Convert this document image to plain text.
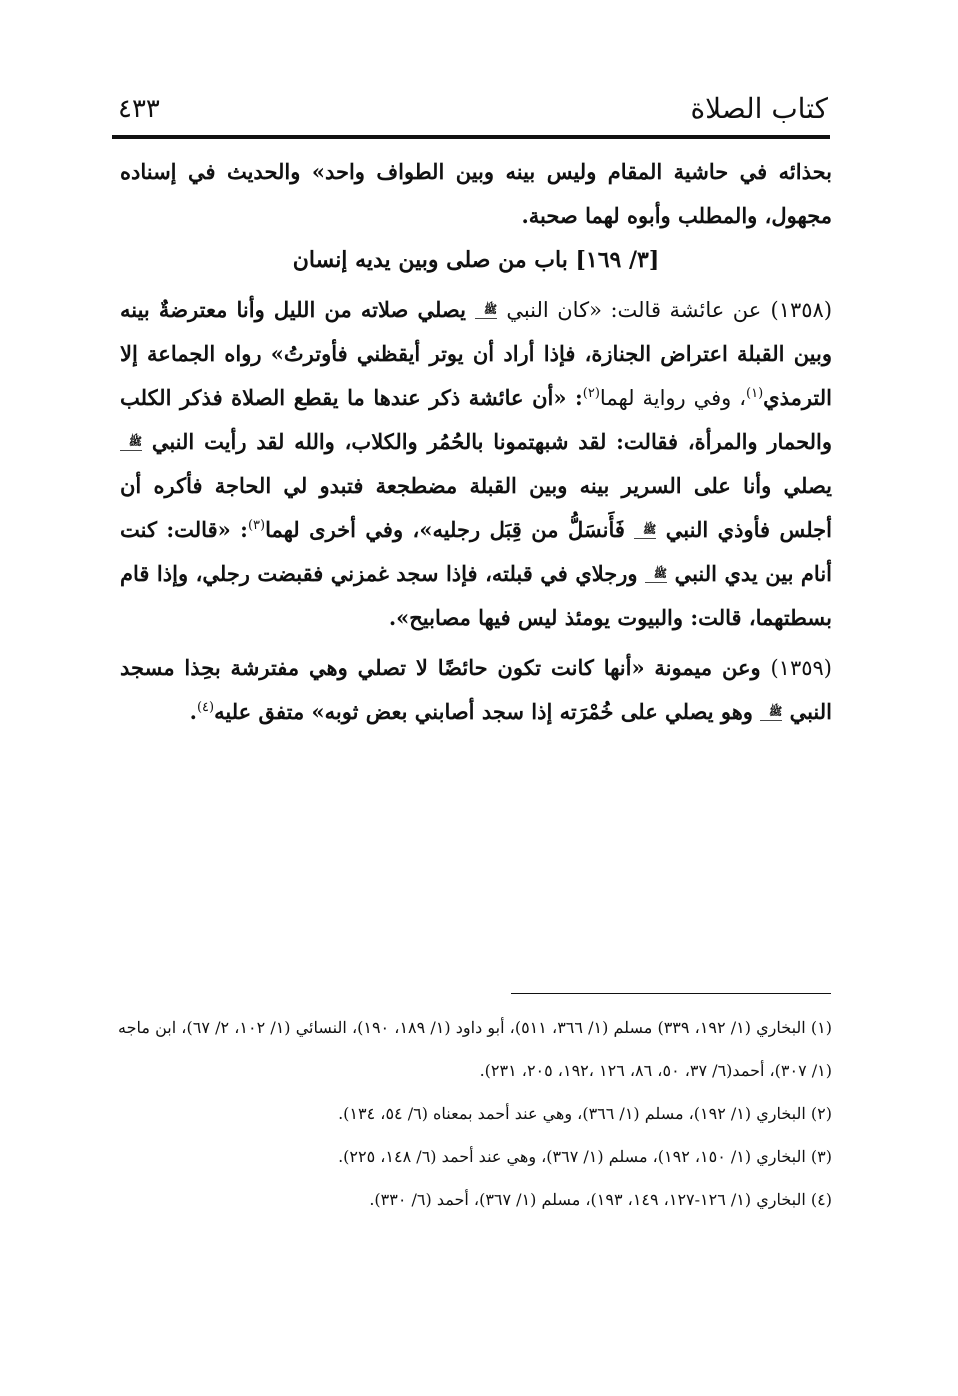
كتاب الصلاة
٤٣٣

بحذائه في حاشية المقام وليس بينه وبين الطواف واحد» والحديث في إسناده مجهول، والمطلب وأبوه لهما صحبة.

[٣/ ١٦٩] باب من صلى وبين يديه إنسان

(١٣٥٨) عن عائشة قالت: «كان النبي ﷺ يصلي صلاته من الليل وأنا معترضةٌ بينه وبين القبلة اعتراض الجنازة، فإذا أراد أن يوتر أيقظني فأوترتُ» رواه الجماعة إلا الترمذي$^{(١)}$، وفي رواية لهما$^{(٢)}$: «أن عائشة ذكر عندها ما يقطع الصلاة فذكر الكلب والحمار والمرأة، فقالت: لقد شبهتمونا بالحُمُر والكلاب، والله لقد رأيت النبي ﷺ يصلي وأنا على السرير بينه وبين القبلة مضطجعة فتبدو لي الحاجة فأكره أن أجلس فأوذي النبي ﷺ فَأَنسَلُّ من قِبَل رجليه»، وفي أخرى لهما$^{(٣)}$: «قالت: كنت أنام بين يدي النبي ﷺ ورجلاي في قبلته، فإذا سجد غمزني فقبضت رجلي، وإذا قام بسطتهما، قالت: والبيوت يومئذ ليس فيها مصابيح».

(١٣٥٩) وعن ميمونة «أنها كانت تكون حائضًا لا تصلي وهي مفترشة بحِذا مسجد النبي ﷺ وهو يصلي على خُمْرَته إذا سجد أصابني بعض ثوبه» متفق عليه$^{(٤)}$.

(١) البخاري (١/ ١٩٢، ٣٣٩) مسلم (١/ ٣٦٦، ٥١١)، أبو داود (١/ ١٨٩، ١٩٠)، النسائي (١/ ١٠٢، ٢/ ٦٧)، ابن ماجه (١/ ٣٠٧)، أحمد(٦/ ٣٧، ٥٠، ٨٦، ١٢٦ ،١٩٢، ٢٠٥، ٢٣١).

(٢) البخاري (١/ ١٩٢)، مسلم (١/ ٣٦٦)، وهي عند أحمد بمعناه (٦/ ٥٤، ١٣٤).

(٣) البخاري (١/ ١٥٠، ١٩٢)، مسلم (١/ ٣٦٧)، وهي عند أحمد (٦/ ١٤٨، ٢٢٥).

(٤) البخاري (١/ ١٢٦-١٢٧، ١٤٩، ١٩٣)، مسلم (١/ ٣٦٧)، أحمد (٦/ ٣٣٠).
